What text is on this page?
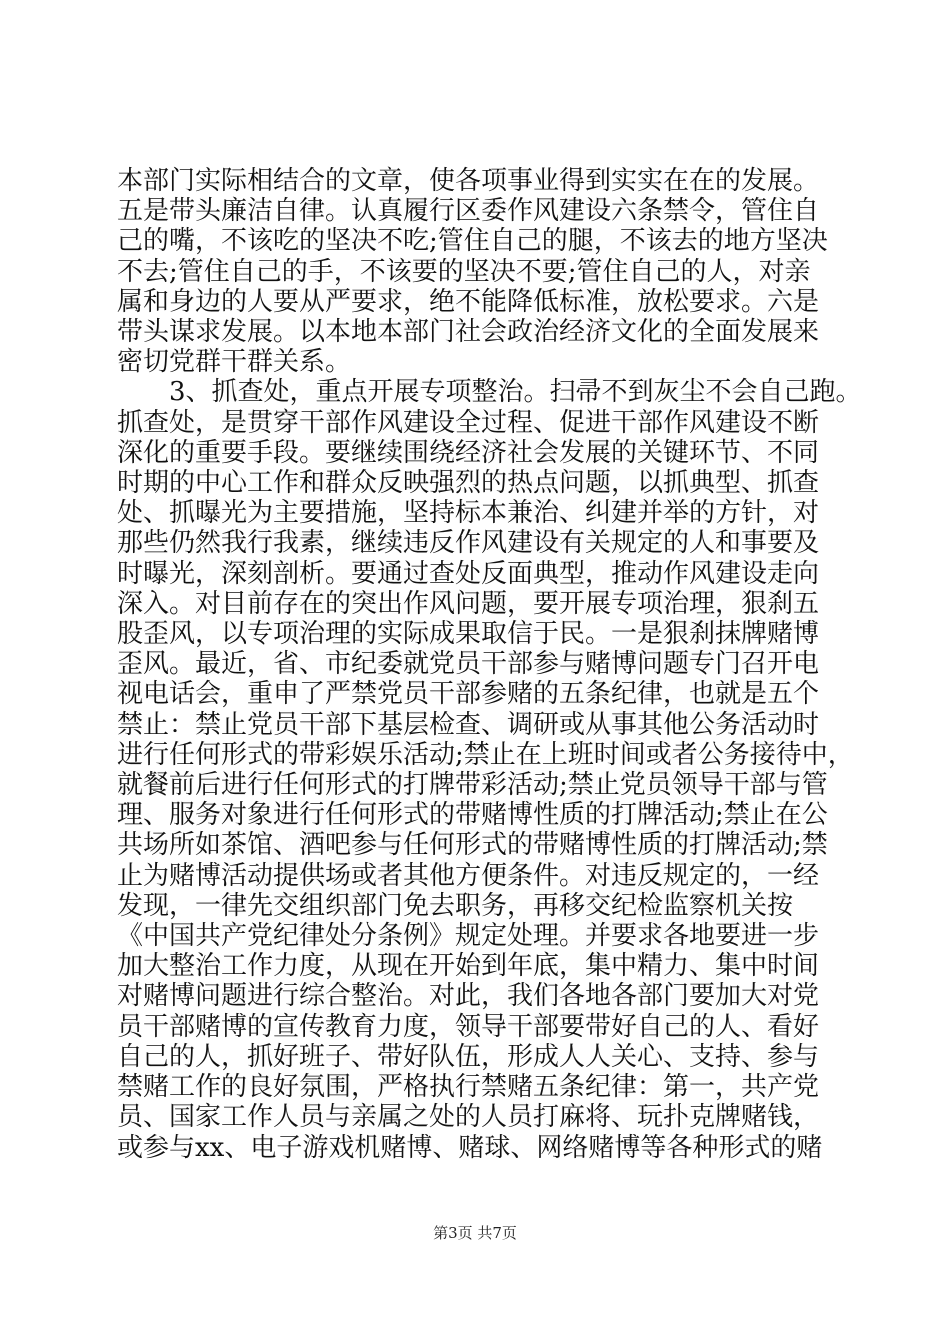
本部门实际相结合的文章，使各项事业得到实实在在的发展。
五是带头廉洁自律。认真履行区委作风建设六条禁令，管住自
己的嘴，不该吃的坚决不吃;管住自己的腿，不该去的地方坚决
不去;管住自己的手，不该要的坚决不要;管住自己的人，对亲
属和身边的人要从严要求，绝不能降低标准，放松要求。六是
带头谋求发展。以本地本部门社会政治经济文化的全面发展来
密切党群干群关系。
3、抓查处，重点开展专项整治。扫帚不到灰尘不会自己跑。
抓查处，是贯穿干部作风建设全过程、促进干部作风建设不断
深化的重要手段。要继续围绕经济社会发展的关键环节、不同
时期的中心工作和群众反映强烈的热点问题，以抓典型、抓查
处、抓曝光为主要措施，坚持标本兼治、纠建并举的方针，对
那些仍然我行我素，继续违反作风建设有关规定的人和事要及
时曝光，深刻剖析。要通过查处反面典型，推动作风建设走向
深入。对目前存在的突出作风问题，要开展专项治理，狠刹五
股歪风，以专项治理的实际成果取信于民。一是狠刹抹牌赌博
歪风。最近，省、市纪委就党员干部参与赌博问题专门召开电
视电话会，重申了严禁党员干部参赌的五条纪律，也就是五个
禁止：禁止党员干部下基层检查、调研或从事其他公务活动时
进行任何形式的带彩娱乐活动;禁止在上班时间或者公务接待中，
就餐前后进行任何形式的打牌带彩活动;禁止党员领导干部与管
理、服务对象进行任何形式的带赌博性质的打牌活动;禁止在公
共场所如茶馆、酒吧参与任何形式的带赌博性质的打牌活动;禁
止为赌博活动提供场或者其他方便条件。对违反规定的，一经
发现，一律先交组织部门免去职务，再移交纪检监察机关按
《中国共产党纪律处分条例》规定处理。并要求各地要进一步
加大整治工作力度，从现在开始到年底，集中精力、集中时间
对赌博问题进行综合整治。对此，我们各地各部门要加大对党
员干部赌博的宣传教育力度，领导干部要带好自己的人、看好
自己的人，抓好班子、带好队伍，形成人人关心、支持、参与
禁赌工作的良好氛围，严格执行禁赌五条纪律：第一，共产党
员、国家工作人员与亲属之处的人员打麻将、玩扑克牌赌钱，
或参与xx、电子游戏机赌博、赌球、网络赌博等各种形式的赌
第3页 共7页
